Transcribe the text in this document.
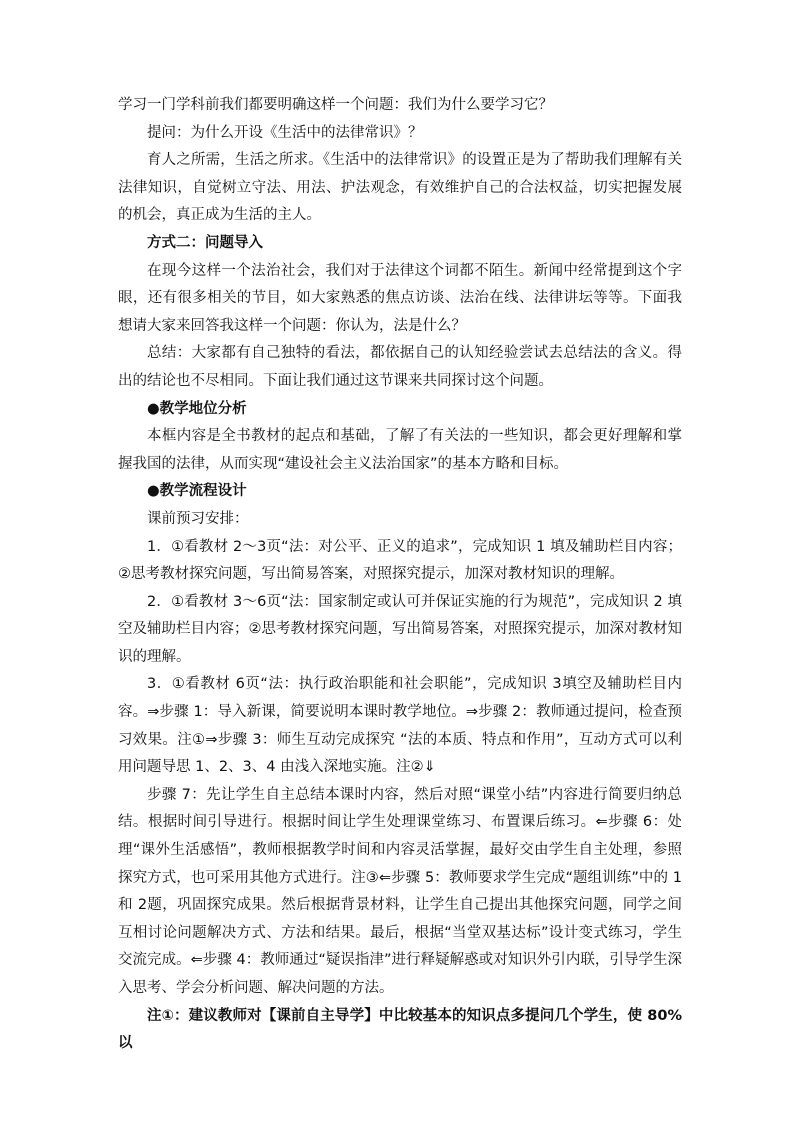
学习一门学科前我们都要明确这样一个问题：我们为什么要学习它？

提问：为什么开设《生活中的法律常识》？

育人之所需，生活之所求。《生活中的法律常识》的设置正是为了帮助我们理解有关法律知识，自觉树立守法、用法、护法观念，有效维护自己的合法权益，切实把握发展的机会，真正成为生活的主人。

方式二：问题导入

在现今这样一个法治社会，我们对于法律这个词都不陌生。新闻中经常提到这个字眼，还有很多相关的节目，如大家熟悉的焦点访谈、法治在线、法律讲坛等等。下面我想请大家来回答我这样一个问题：你认为，法是什么？

总结：大家都有自己独特的看法，都依据自己的认知经验尝试去总结法的含义。得出的结论也不尽相同。下面让我们通过这节课来共同探讨这个问题。

●教学地位分析

本框内容是全书教材的起点和基础，了解了有关法的一些知识，都会更好理解和掌握我国的法律，从而实现“建设社会主义法治国家”的基本方略和目标。

●教学流程设计

课前预习安排：

1．①看教材 2～3页“法：对公平、正义的追求”，完成知识 1 填及辅助栏目内容；②思考教材探究问题，写出简易答案，对照探究提示，加深对教材知识的理解。

2．①看教材 3～6页“法：国家制定或认可并保证实施的行为规范”，完成知识 2 填空及辅助栏目内容；②思考教材探究问题，写出简易答案，对照探究提示，加深对教材知识的理解。

3．①看教材 6页“法：执行政治职能和社会职能”，完成知识 3填空及辅助栏目内容。⇒步骤 1：导入新课，简要说明本课时教学地位。⇒步骤 2：教师通过提问，检查预习效果。注①⇒步骤 3：师生互动完成探究 “法的本质、特点和作用”，互动方式可以利用问题导思 1、2、3、4 由浅入深地实施。注②⇓

步骤 7：先让学生自主总结本课时内容，然后对照“课堂小结”内容进行简要归纳总结。根据时间引导进行。根据时间让学生处理课堂练习、布置课后练习。⇐步骤 6：处理“课外生活感悟”，教师根据教学时间和内容灵活掌握，最好交由学生自主处理，参照探究方式，也可采用其他方式进行。注③⇐步骤 5：教师要求学生完成“题组训练”中的 1和 2题，巩固探究成果。然后根据背景材料，让学生自己提出其他探究问题，同学之间互相讨论问题解决方式、方法和结果。最后，根据“当堂双基达标”设计变式练习，学生交流完成。⇐步骤 4：教师通过“疑误指津”进行释疑解惑或对知识外引内联，引导学生深入思考、学会分析问题、解决问题的方法。

注①：建议教师对【课前自主导学】中比较基本的知识点多提问几个学生，使 80%以
